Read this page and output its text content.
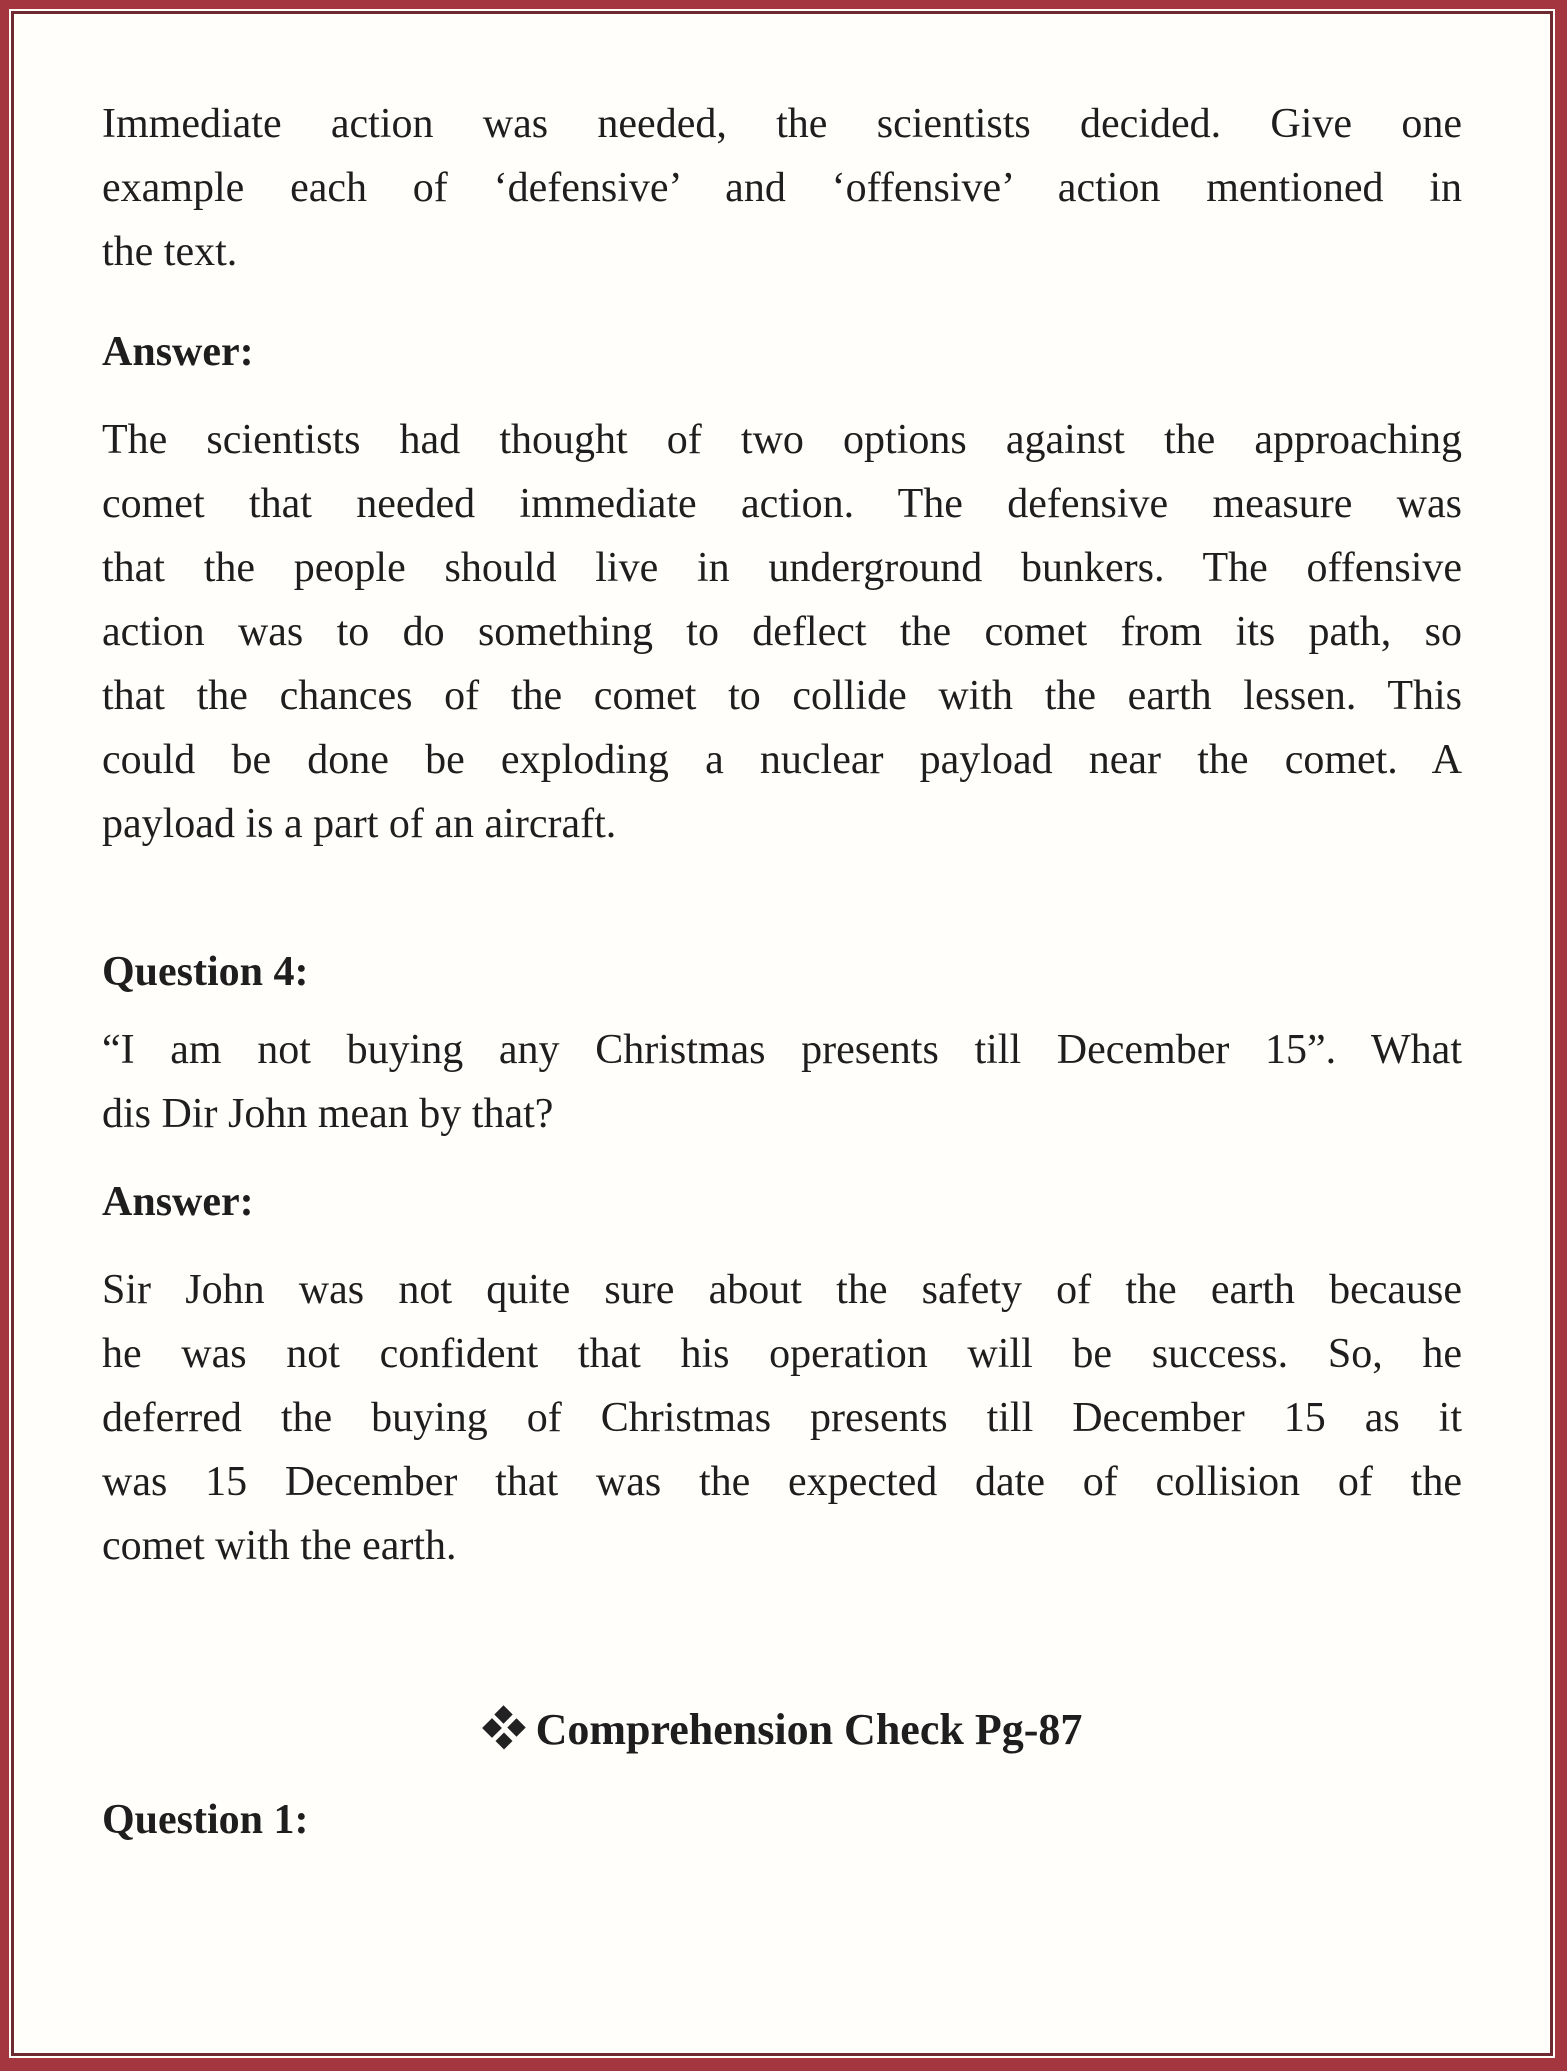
Immediate action was needed, the scientists decided. Give one
example each of ‘defensive’ and ‘offensive’ action mentioned in
the text.
Answer:
The scientists had thought of two options against the approaching
comet that needed immediate action. The defensive measure was
that the people should live in underground bunkers. The offensive
action was to do something to deflect the comet from its path, so
that the chances of the comet to collide with the earth lessen. This
could be done be exploding a nuclear payload near the comet. A
payload is a part of an aircraft.
Question 4:
“I am not buying any Christmas presents till December 15”. What
dis Dir John mean by that?
Answer:
Sir John was not quite sure about the safety of the earth because
he was not confident that his operation will be success. So, he
deferred the buying of Christmas presents till December 15 as it
was 15 December that was the expected date of collision of the
comet with the earth.
Comprehension Check Pg-87
Question 1:
